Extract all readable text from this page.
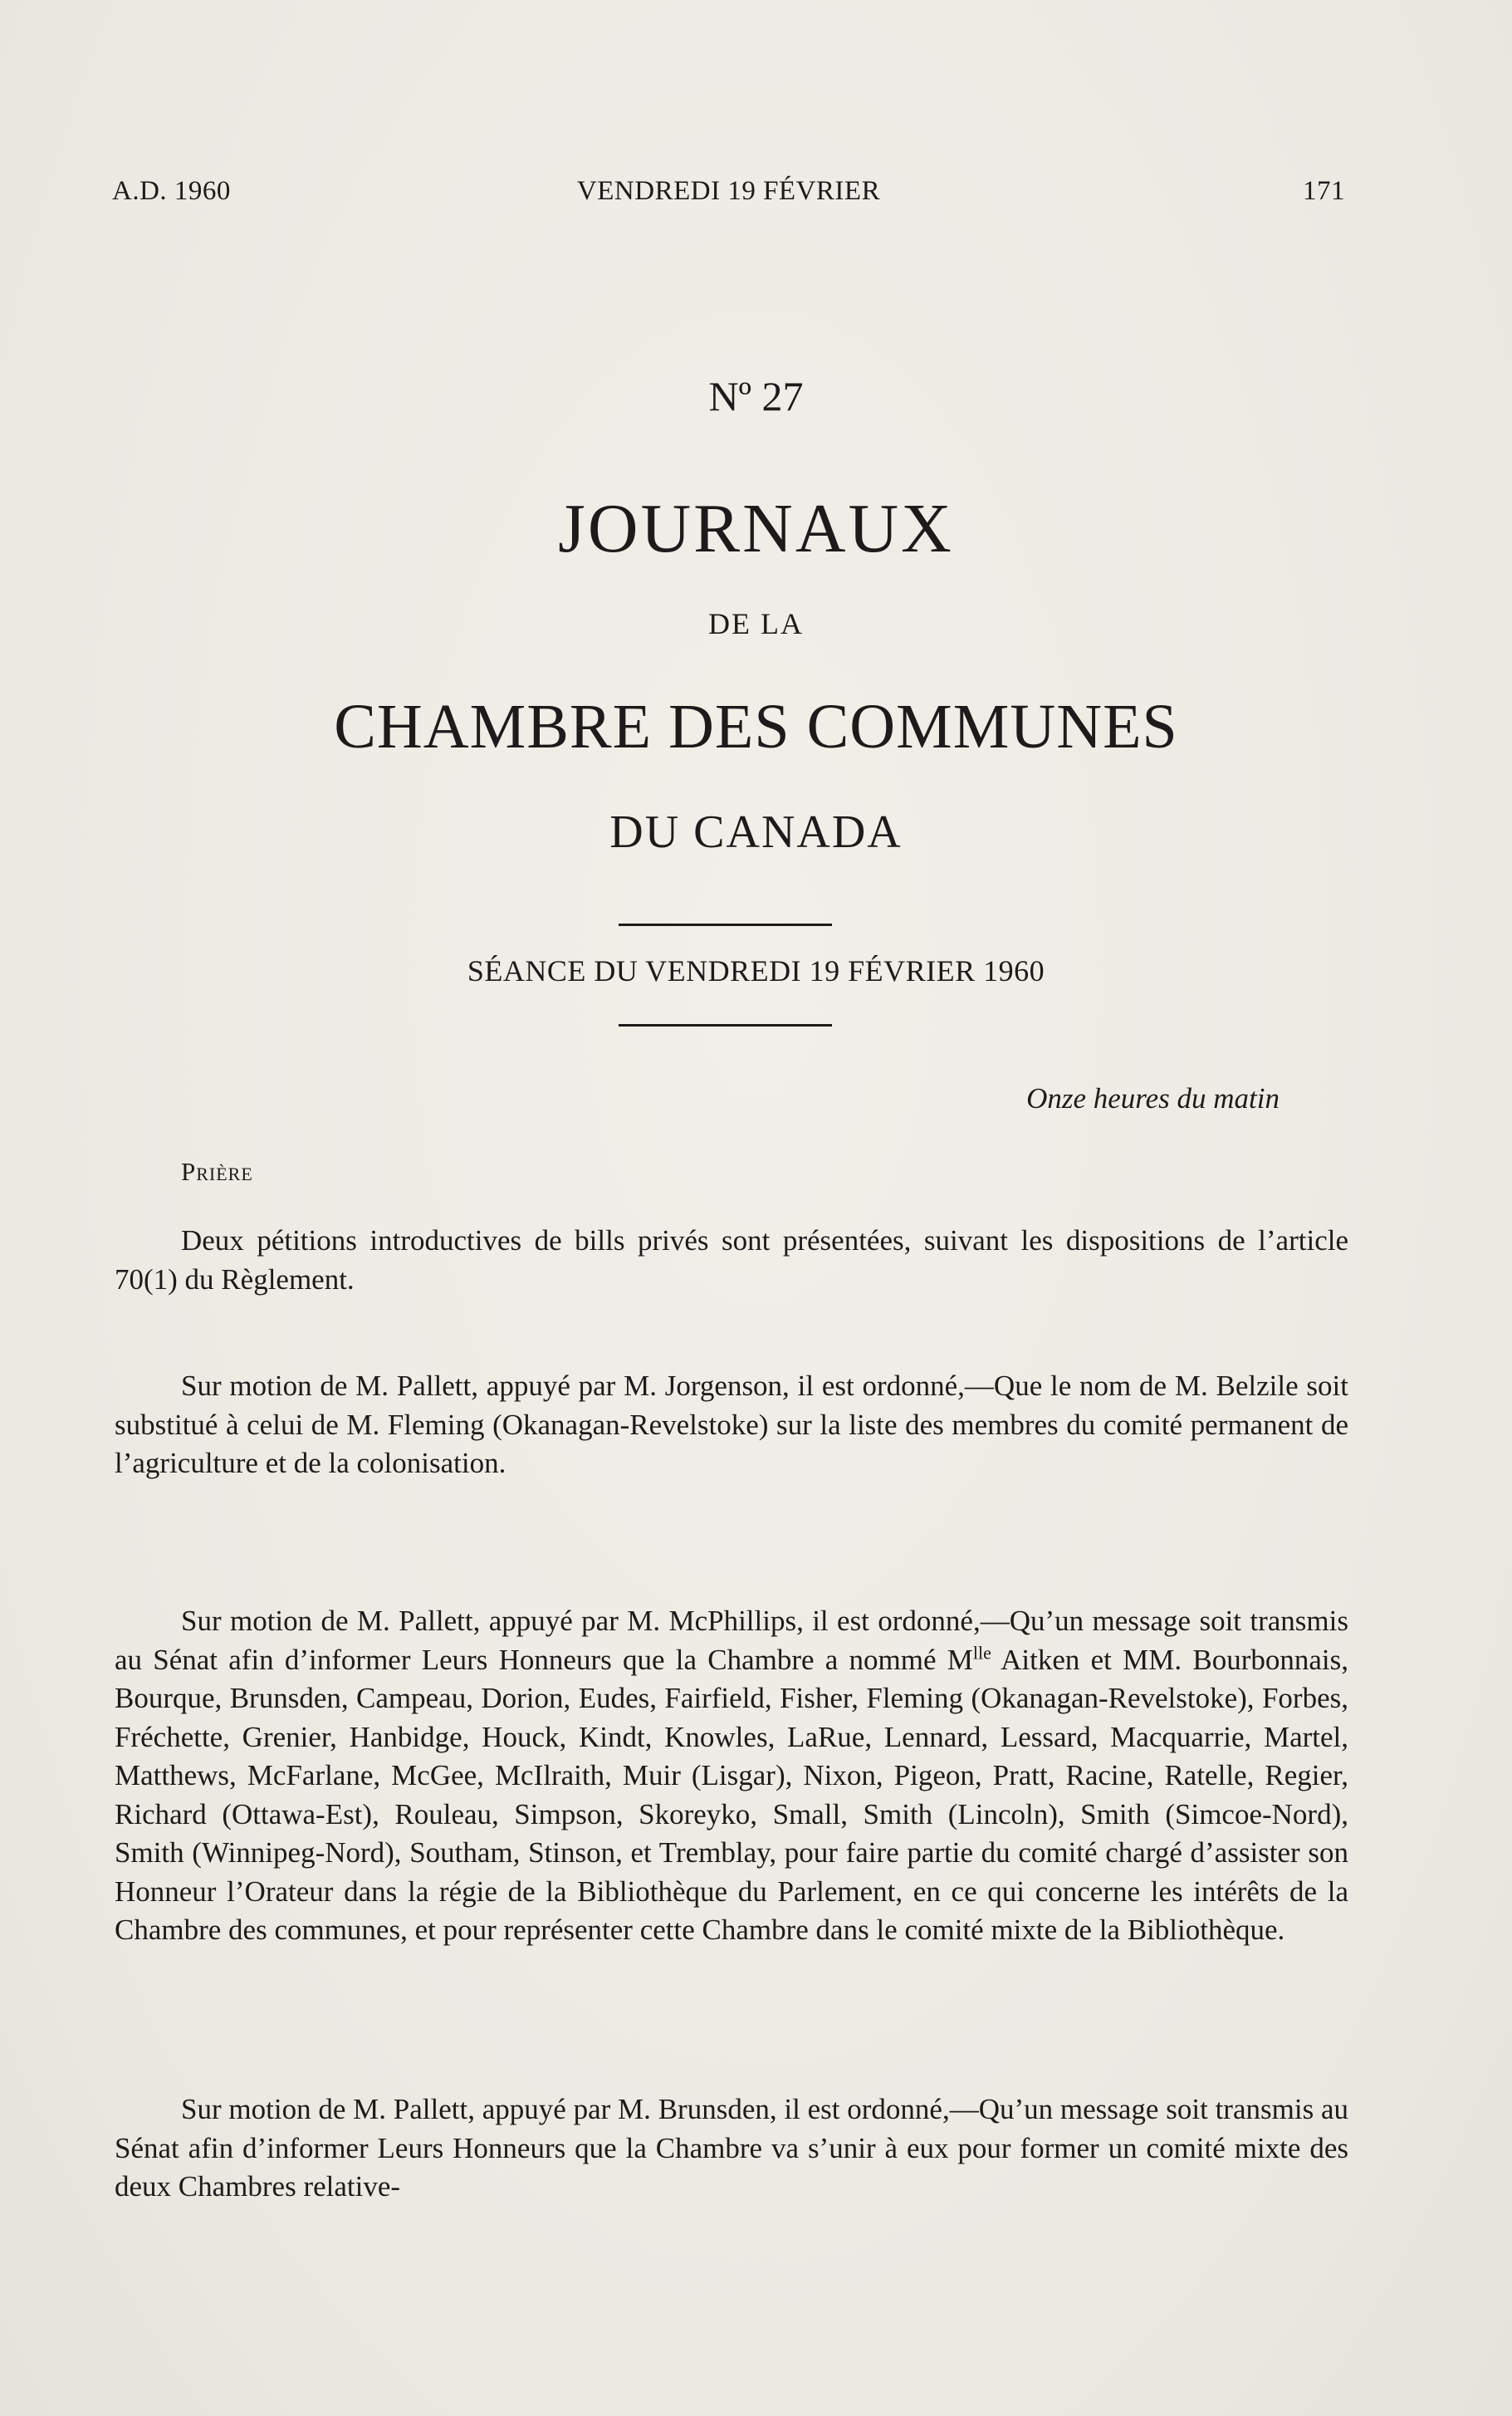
A.D. 1960	VENDREDI 19 FÉVRIER	171
Nº 27
JOURNAUX
DE LA
CHAMBRE DES COMMUNES
DU CANADA
SÉANCE DU VENDREDI 19 FÉVRIER 1960
Onze heures du matin
Prière
Deux pétitions introductives de bills privés sont présentées, suivant les dispositions de l’article 70(1) du Règlement.
Sur motion de M. Pallett, appuyé par M. Jorgenson, il est ordonné,—Que le nom de M. Belzile soit substitué à celui de M. Fleming (Okanagan-Revelstoke) sur la liste des membres du comité permanent de l’agriculture et de la colonisation.
Sur motion de M. Pallett, appuyé par M. McPhillips, il est ordonné,—Qu’un message soit transmis au Sénat afin d’informer Leurs Honneurs que la Chambre a nommé $M^{lle}$ Aitken et MM. Bourbonnais, Bourque, Brunsden, Campeau, Dorion, Eudes, Fairfield, Fisher, Fleming (Okanagan-Revelstoke), Forbes, Fréchette, Grenier, Hanbidge, Houck, Kindt, Knowles, LaRue, Lennard, Lessard, Macquarrie, Martel, Matthews, McFarlane, McGee, McIlraith, Muir (Lisgar), Nixon, Pigeon, Pratt, Racine, Ratelle, Regier, Richard (Ottawa-Est), Rouleau, Simpson, Skoreyko, Small, Smith (Lincoln), Smith (Simcoe-Nord), Smith (Winnipeg-Nord), Southam, Stinson, et Tremblay, pour faire partie du comité chargé d’assister son Honneur l’Orateur dans la régie de la Bibliothèque du Parlement, en ce qui concerne les intérêts de la Chambre des communes, et pour représenter cette Chambre dans le comité mixte de la Bibliothèque.
Sur motion de M. Pallett, appuyé par M. Brunsden, il est ordonné,—Qu’un message soit transmis au Sénat afin d’informer Leurs Honneurs que la Chambre va s’unir à eux pour former un comité mixte des deux Chambres relative-
